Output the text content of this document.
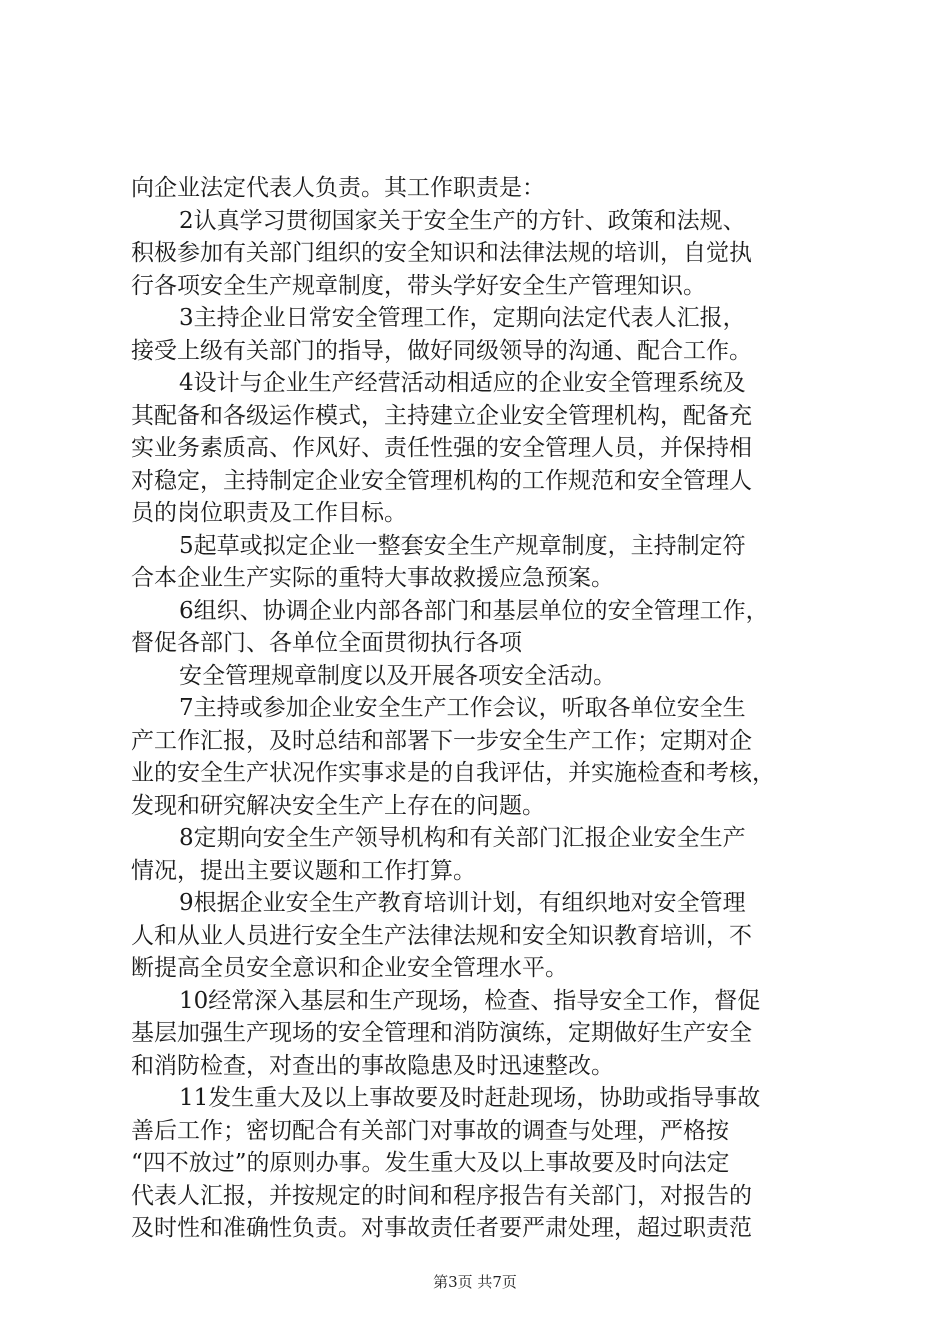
向企业法定代表人负责。其工作职责是：
2认真学习贯彻国家关于安全生产的方针、政策和法规、
积极参加有关部门组织的安全知识和法律法规的培训，自觉执
行各项安全生产规章制度，带头学好安全生产管理知识。
3主持企业日常安全管理工作，定期向法定代表人汇报，
接受上级有关部门的指导，做好同级领导的沟通、配合工作。
4设计与企业生产经营活动相适应的企业安全管理系统及
其配备和各级运作模式，主持建立企业安全管理机构，配备充
实业务素质高、作风好、责任性强的安全管理人员，并保持相
对稳定，主持制定企业安全管理机构的工作规范和安全管理人
员的岗位职责及工作目标。
5起草或拟定企业一整套安全生产规章制度，主持制定符
合本企业生产实际的重特大事故救援应急预案。
6组织、协调企业内部各部门和基层单位的安全管理工作，
督促各部门、各单位全面贯彻执行各项
安全管理规章制度以及开展各项安全活动。
7主持或参加企业安全生产工作会议，听取各单位安全生
产工作汇报，及时总结和部署下一步安全生产工作；定期对企
业的安全生产状况作实事求是的自我评估，并实施检查和考核，
发现和研究解决安全生产上存在的问题。
8定期向安全生产领导机构和有关部门汇报企业安全生产
情况，提出主要议题和工作打算。
9根据企业安全生产教育培训计划，有组织地对安全管理
人和从业人员进行安全生产法律法规和安全知识教育培训，不
断提高全员安全意识和企业安全管理水平。
10经常深入基层和生产现场，检查、指导安全工作，督促
基层加强生产现场的安全管理和消防演练，定期做好生产安全
和消防检查，对查出的事故隐患及时迅速整改。
11发生重大及以上事故要及时赶赴现场，协助或指导事故
善后工作；密切配合有关部门对事故的调查与处理，严格按
“四不放过”的原则办事。发生重大及以上事故要及时向法定
代表人汇报，并按规定的时间和程序报告有关部门，对报告的
及时性和准确性负责。对事故责任者要严肃处理，超过职责范
第3页 共7页
